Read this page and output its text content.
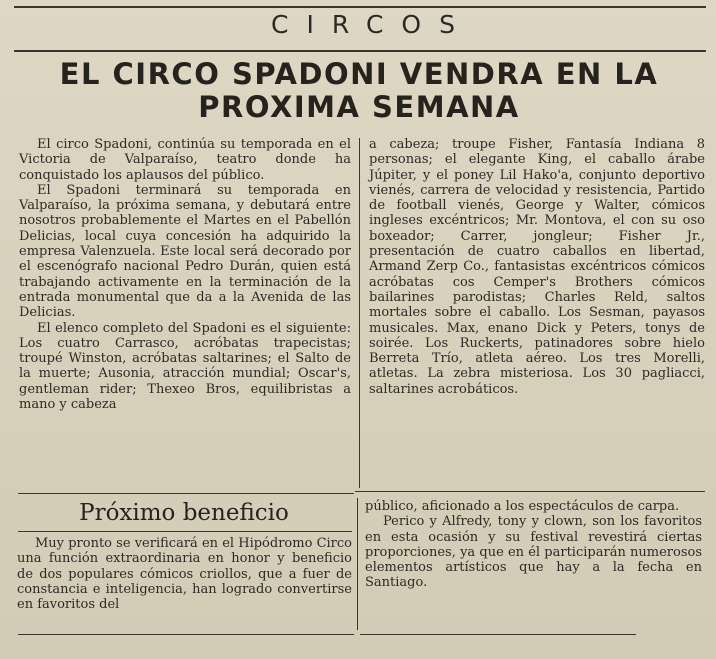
CIRCOS
EL CIRCO SPADONI VENDRA EN LA
PROXIMA SEMANA

El circo Spadoni, continúa su temporada en el Victoria de Valparaíso, teatro donde ha conquistado los aplausos del público.

El Spadoni terminará su temporada en Valparaíso, la próxima semana, y debutará entre nosotros probablemente el Martes en el Pabellón Delicias, local cuya concesión ha adquirido la empresa Valenzuela. Este local será decorado por el escenógrafo nacional Pedro Durán, quien está trabajando activamente en la terminación de la entrada monumental que da a la Avenida de las Delicias.

El elenco completo del Spadoni es el siguiente: Los cuatro Carrasco, acróbatas trapecistas; troupé Winston, acróbatas saltarines; el Salto de la muerte; Ausonia, atracción mundial; Oscar's, gentleman rider; Thexeo Bros, equilibristas a mano y cabeza

a cabeza; troupe Fisher, Fantasía Indiana 8 personas; el elegante King, el caballo árabe Júpiter, y el poney Lil Hako'a, conjunto deportivo vienés, carrera de velocidad y resistencia, Partido de football vienés, George y Walter, cómicos ingleses excéntricos; Mr. Montova, el con su oso boxeador; Carrer, jongleur; Fisher Jr., presentación de cuatro caballos en libertad, Armand Zerp Co., fantasistas excéntricos cómicos acróbatas cos Cemper's Brothers cómicos bailarines parodistas; Charles Reld, saltos mortales sobre el caballo. Los Sesman, payasos musicales. Max, enano Dick y Peters, tonys de soirée. Los Ruckerts, patinadores sobre hielo Berreta Trío, atleta aéreo. Los tres Morelli, atletas. La zebra misteriosa. Los 30 pagliacci, saltarines acrobáticos.

Próximo beneficio

Muy pronto se verificará en el Hipódromo Circo una función extraordinaria en honor y beneficio de dos populares cómicos criollos, que a fuer de constancia e inteligencia, han logrado convertirse en favoritos del

público, aficionado a los espectáculos de carpa.

Perico y Alfredy, tony y clown, son los favoritos en esta ocasión y su festival revestirá ciertas proporciones, ya que en él participarán numerosos elementos artísticos que hay a la fecha en Santiago.
